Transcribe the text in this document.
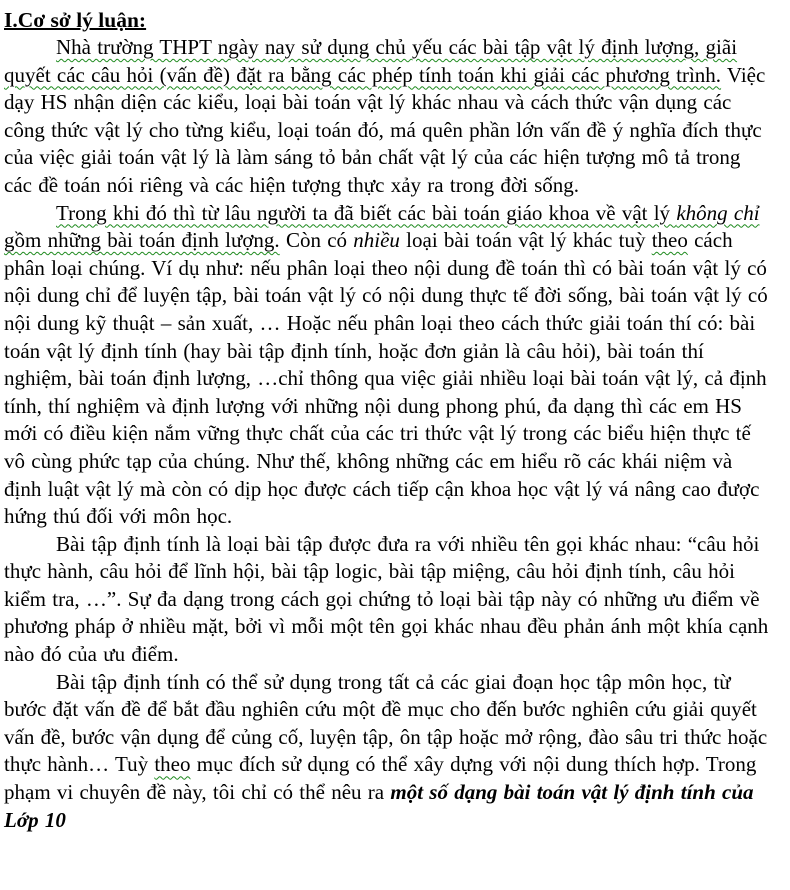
I.Cơ sở lý luận:

Nhà trường THPT ngày nay sử dụng chủ yếu các bài tập vật lý định lượng, giãi quyết các câu hỏi (vấn đề) đặt ra bằng các phép tính toán khi giải các phương trình. Việc dạy HS nhận diện các kiểu, loại bài toán vật lý khác nhau và cách thức vận dụng các công thức vật lý cho từng kiểu, loại toán đó, má quên phần lớn vấn đề ý nghĩa đích thực của việc giải toán vật lý là làm sáng tỏ bản chất vật lý của các hiện tượng mô tả trong các đề toán nói riêng và các hiện tượng thực xảy ra trong đời sống.

Trong khi đó thì từ lâu người ta đã biết các bài toán giáo khoa về vật lý không chỉ gồm những bài toán định lượng. Còn có nhiều loại bài toán vật lý khác tuỳ theo cách phân loại chúng. Ví dụ như: nếu phân loại theo nội dung đề toán thì có bài toán vật lý có nội dung chỉ để luyện tập, bài toán vật lý có nội dung thực tế đời sống, bài toán vật lý có nội dung kỹ thuật – sản xuất, … Hoặc nếu phân loại theo cách thức giải toán thí có: bài toán vật lý định tính (hay bài tập định tính, hoặc đơn giản là câu hỏi), bài toán thí nghiệm, bài toán định lượng, …chỉ thông qua việc giải nhiều loại bài toán vật lý, cả định tính, thí nghiệm và định lượng với những nội dung phong phú, đa dạng thì các em HS mới có điều kiện nắm vững thực chất của các tri thức vật lý trong các biểu hiện thực tế vô cùng phức tạp của chúng. Như thế, không những các em hiểu rõ các khái niệm và định luật vật lý mà còn có dịp học được cách tiếp cận khoa học vật lý vá nâng cao được hứng thú đối với môn học.

Bài tập định tính là loại bài tập được đưa ra với nhiều tên gọi khác nhau: “câu hỏi thực hành, câu hỏi để lĩnh hội, bài tập logic, bài tập miệng, câu hỏi định tính, câu hỏi kiểm tra, …”. Sự đa dạng trong cách gọi chứng tỏ loại bài tập này có những ưu điểm về phương pháp ở nhiều mặt, bởi vì mỗi một tên gọi khác nhau đều phản ánh một khía cạnh nào đó của ưu điểm.

Bài tập định tính có thể sử dụng trong tất cả các giai đoạn học tập môn học, từ bước đặt vấn đề để bắt đầu nghiên cứu một đề mục cho đến bước nghiên cứu giải quyết vấn đề, bước vận dụng để củng cố, luyện tập, ôn tập hoặc mở rộng, đào sâu tri thức hoặc thực hành… Tuỳ theo mục đích sử dụng có thể xây dựng với nội dung thích hợp. Trong phạm vi chuyên đề này, tôi chỉ có thể nêu ra một số dạng bài toán vật lý định tính của Lớp 10
